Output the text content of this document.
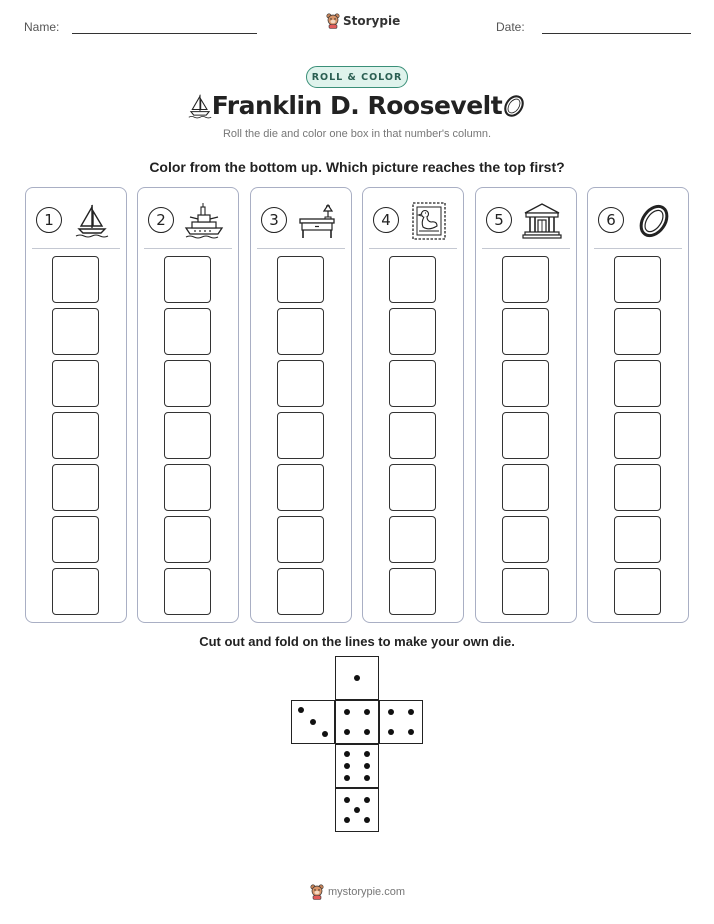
Name:	Storypie	Date:
ROLL & COLOR
Franklin D. Roosevelt
Roll the die and color one box in that number's column.
Color from the bottom up. Which picture reaches the top first?
1	2	3	4	5	6
Cut out and fold on the lines to make your own die.
mystorypie.com
